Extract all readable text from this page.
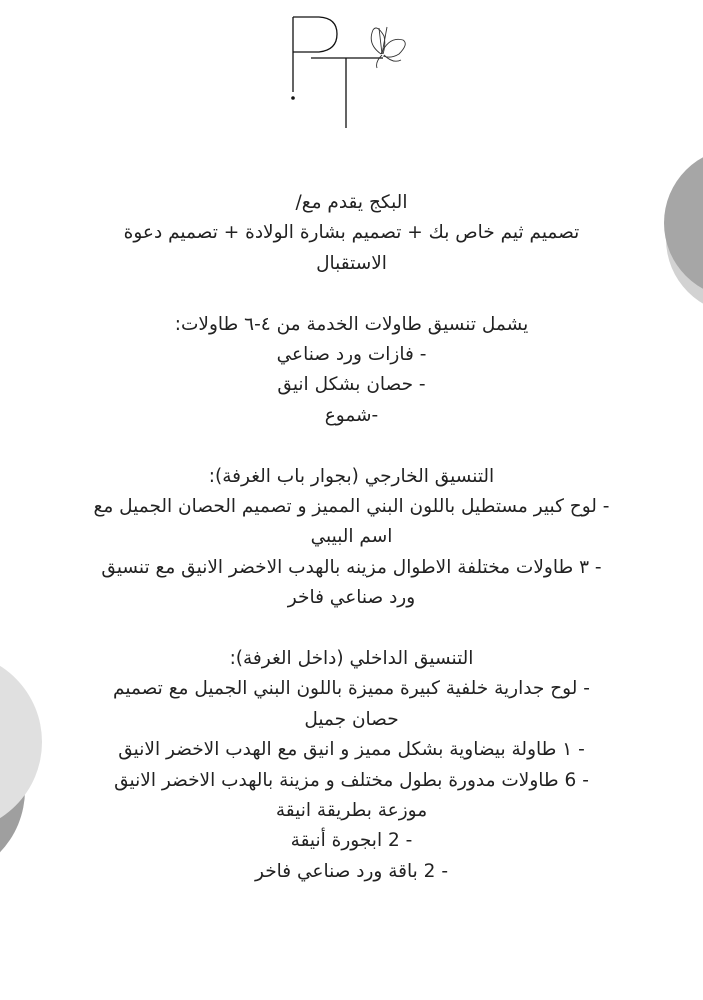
البكج يقدم مع/
تصميم ثيم خاص بك + تصميم بشارة الولادة + تصميم دعوة
الاستقبال
يشمل تنسيق طاولات الخدمة من ٤-٦ طاولات:
- فازات ورد صناعي
- حصان بشكل انيق
-شموع
التنسيق الخارجي (بجوار باب الغرفة):
- لوح كبير مستطيل باللون البني المميز و تصميم الحصان الجميل مع
اسم البيبي
- ٣ طاولات مختلفة الاطوال مزينه بالهدب الاخضر الانيق مع تنسيق
ورد صناعي فاخر
التنسيق الداخلي (داخل الغرفة):
- لوح جدارية خلفية كبيرة مميزة باللون البني الجميل مع تصميم
حصان جميل
- ١ طاولة بيضاوية بشكل مميز و انيق مع الهدب الاخضر الانيق
- 6 طاولات مدورة بطول مختلف و مزينة بالهدب الاخضر الانيق
موزعة بطريقة انيقة
- 2 ابجورة أنيقة
- 2 باقة ورد صناعي فاخر
